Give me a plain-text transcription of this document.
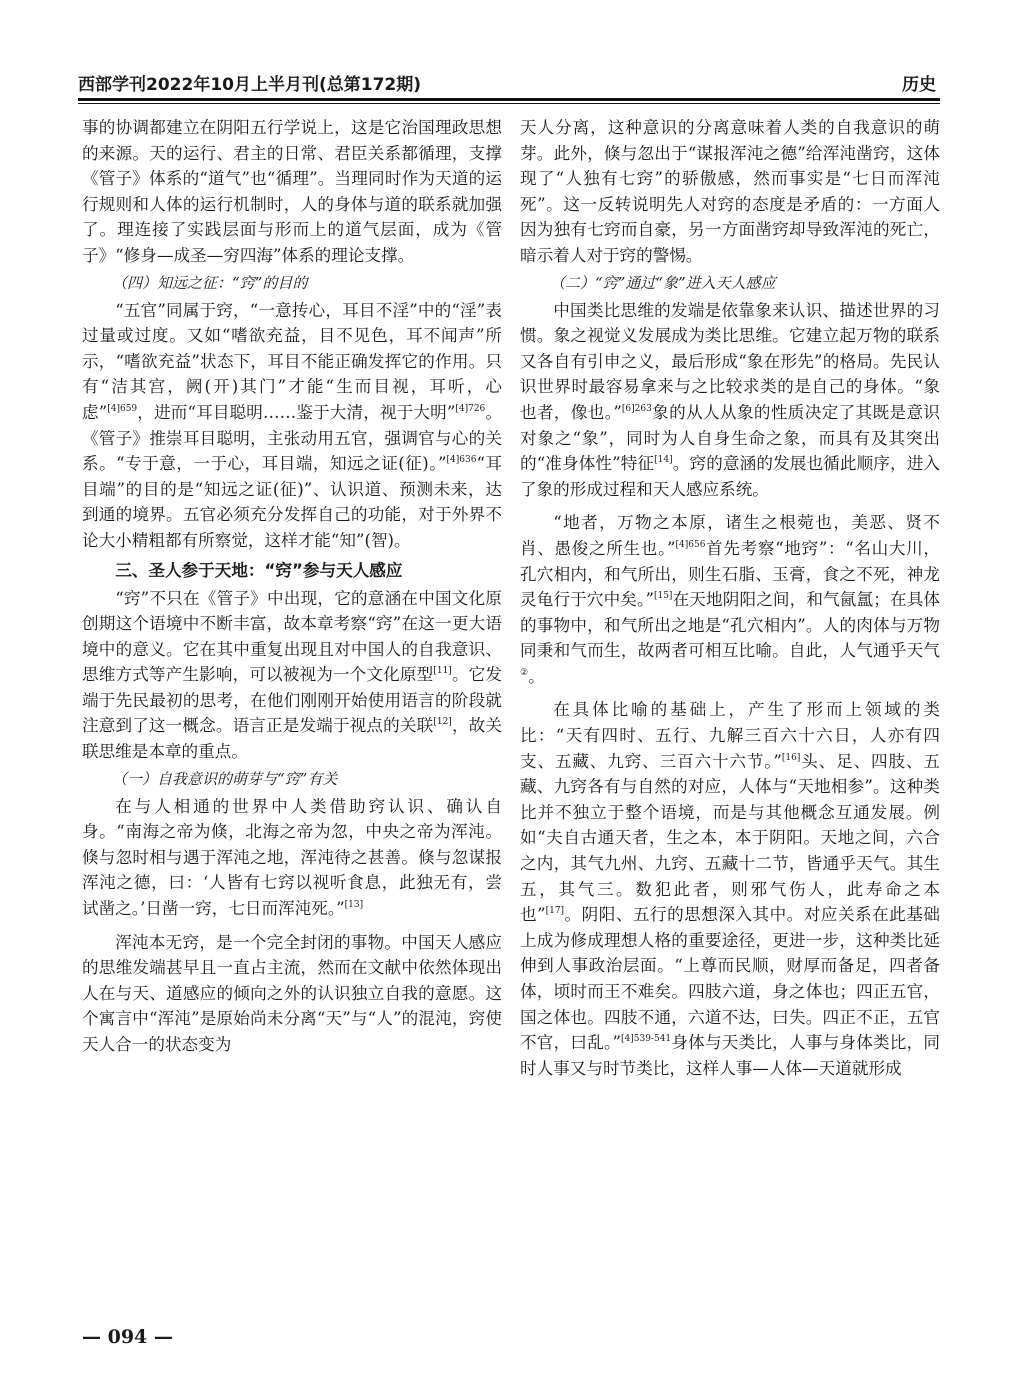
西部学刊2022年10月上半月刊(总第172期)	历史

事的协调都建立在阴阳五行学说上，这是它治国理政思想的来源。天的运行、君主的日常、君臣关系都循理，支撑《管子》体系的“道气”也“循理”。当理同时作为天道的运行规则和人体的运行机制时，人的身体与道的联系就加强了。理连接了实践层面与形而上的道气层面，成为《管子》“修身—成圣—穷四海”体系的理论支撑。

（四）知远之征：“窍”的目的

“五官”同属于窍，“一意抟心，耳目不淫”中的“淫”表过量或过度。又如“嗜欲充益，目不见色，耳不闻声”所示，“嗜欲充益”状态下，耳目不能正确发挥它的作用。只有“洁其宫，阙(开)其门”才能“生而目视，耳听，心虑”$^{[4]659}$，进而“耳目聪明……鉴于大清，视于大明”$^{[4]726}$。《管子》推崇耳目聪明，主张动用五官，强调官与心的关系。“专于意，一于心，耳目端，知远之证(征)。”$^{[4]636}$“耳目端”的目的是“知远之证(征)”、认识道、预测未来，达到通的境界。五官必须充分发挥自己的功能，对于外界不论大小精粗都有所察觉，这样才能“知”(智)。

三、圣人参于天地：“窍”参与天人感应

“窍”不只在《管子》中出现，它的意涵在中国文化原创期这个语境中不断丰富，故本章考察“窍”在这一更大语境中的意义。它在其中重复出现且对中国人的自我意识、思维方式等产生影响，可以被视为一个文化原型[11]。它发端于先民最初的思考，在他们刚刚开始使用语言的阶段就注意到了这一概念。语言正是发端于视点的关联[12]，故关联思维是本章的重点。

（一）自我意识的萌芽与“窍”有关

在与人相通的世界中人类借助窍认识、确认自身。“南海之帝为倏，北海之帝为忽，中央之帝为浑沌。倏与忽时相与遇于浑沌之地，浑沌待之甚善。倏与忽谋报浑沌之德，曰：‘人皆有七窍以视听食息，此独无有，尝试凿之。’日凿一窍，七日而浑沌死。”[13]

浑沌本无窍，是一个完全封闭的事物。中国天人感应的思维发端甚早且一直占主流，然而在文献中依然体现出人在与天、道感应的倾向之外的认识独立自我的意愿。这个寓言中“浑沌”是原始尚未分离“天”与“人”的混沌，窍使天人合一的状态变为

天人分离，这种意识的分离意味着人类的自我意识的萌芽。此外，倏与忽出于“谋报浑沌之德”给浑沌凿窍，这体现了“人独有七窍”的骄傲感，然而事实是“七日而浑沌死”。这一反转说明先人对窍的态度是矛盾的：一方面人因为独有七窍而自豪，另一方面凿窍却导致浑沌的死亡，暗示着人对于窍的警惕。

（二）“窍”通过“象”进入天人感应

中国类比思维的发端是依靠象来认识、描述世界的习惯。象之视觉义发展成为类比思维。它建立起万物的联系又各自有引申之义，最后形成“象在形先”的格局。先民认识世界时最容易拿来与之比较求类的是自己的身体。“象也者，像也。”$^{[6]263}$象的从人从象的性质决定了其既是意识对象之“象”，同时为人自身生命之象，而具有及其突出的“准身体性”特征[14]。窍的意涵的发展也循此顺序，进入了象的形成过程和天人感应系统。

“地者，万物之本原，诸生之根菀也，美恶、贤不肖、愚俊之所生也。”$^{[4]656}$首先考察“地窍”：“名山大川，孔穴相内，和气所出，则生石脂、玉膏，食之不死，神龙灵龟行于穴中矣。”[15]在天地阴阳之间，和气氤氲；在具体的事物中，和气所出之地是“孔穴相内”。人的肉体与万物同秉和气而生，故两者可相互比喻。自此，人气通乎天气②。

在具体比喻的基础上，产生了形而上领域的类比：“天有四时、五行、九解三百六十六日，人亦有四支、五藏、九窍、三百六十六节。”[16]头、足、四肢、五藏、九窍各有与自然的对应，人体与“天地相参”。这种类比并不独立于整个语境，而是与其他概念互通发展。例如“夫自古通天者，生之本，本于阴阳。天地之间，六合之内，其气九州、九窍、五藏十二节，皆通乎天气。其生五，其气三。数犯此者，则邪气伤人，此寿命之本也”[17]。阴阳、五行的思想深入其中。对应关系在此基础上成为修成理想人格的重要途径，更进一步，这种类比延伸到人事政治层面。“上尊而民顺，财厚而备足，四者备体，顷时而王不难矣。四肢六道，身之体也；四正五官，国之体也。四肢不通，六道不达，曰失。四正不正，五官不官，曰乱。”$^{[4]539-541}$身体与天类比，人事与身体类比，同时人事又与时节类比，这样人事—人体—天道就形成

— 094 —
